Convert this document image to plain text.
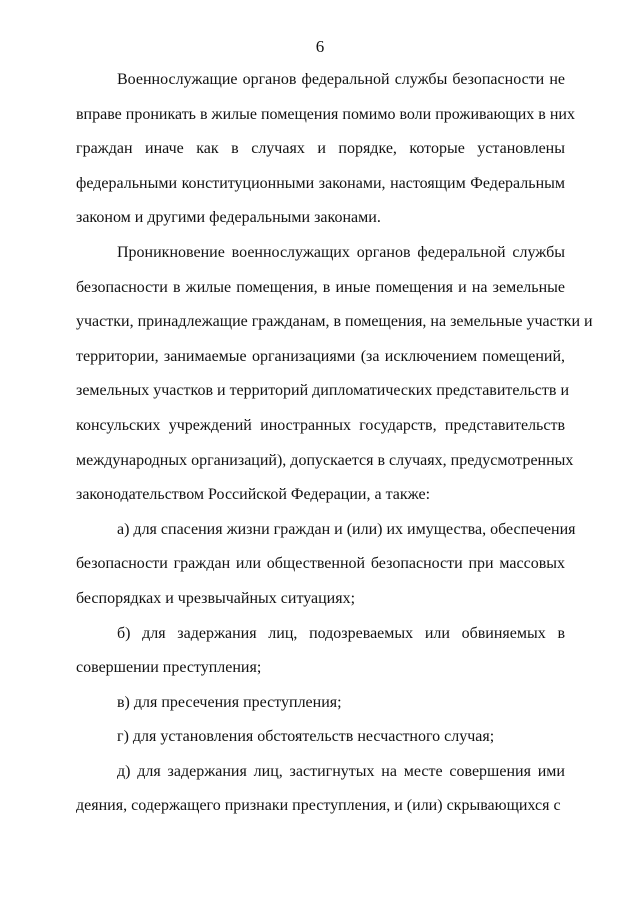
6
Военнослужащие органов федеральной службы безопасности не
вправе проникать в жилые помещения помимо воли проживающих в них
граждан иначе как в случаях и порядке, которые установлены
федеральными конституционными законами, настоящим Федеральным
законом и другими федеральными законами.
Проникновение военнослужащих органов федеральной службы
безопасности в жилые помещения, в иные помещения и на земельные
участки, принадлежащие гражданам, в помещения, на земельные участки и
территории, занимаемые организациями (за исключением помещений,
земельных участков и территорий дипломатических представительств и
консульских учреждений иностранных государств, представительств
международных организаций), допускается в случаях, предусмотренных
законодательством Российской Федерации, а также:
а) для спасения жизни граждан и (или) их имущества, обеспечения
безопасности граждан или общественной безопасности при массовых
беспорядках и чрезвычайных ситуациях;
б) для задержания лиц, подозреваемых или обвиняемых в
совершении преступления;
в) для пресечения преступления;
г) для установления обстоятельств несчастного случая;
д) для задержания лиц, застигнутых на месте совершения ими
деяния, содержащего признаки преступления, и (или) скрывающихся с
